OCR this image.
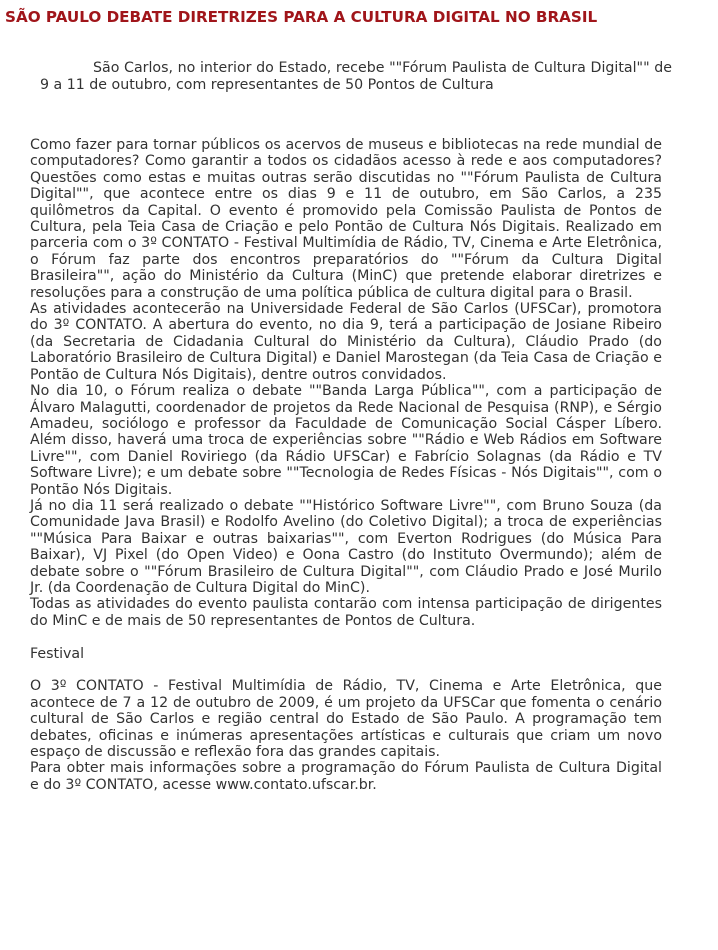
SÃO PAULO DEBATE DIRETRIZES PARA A CULTURA DIGITAL NO BRASIL

São Carlos, no interior do Estado, recebe ""Fórum Paulista de Cultura Digital"" de 9 a 11 de outubro, com representantes de 50 Pontos de Cultura

Como fazer para tornar públicos os acervos de museus e bibliotecas na rede mundial de computadores? Como garantir a todos os cidadãos acesso à rede e aos computadores? Questões como estas e muitas outras serão discutidas no ""Fórum Paulista de Cultura Digital"", que acontece entre os dias 9 e 11 de outubro, em São Carlos, a 235 quilômetros da Capital. O evento é promovido pela Comissão Paulista de Pontos de Cultura, pela Teia Casa de Criação e pelo Pontão de Cultura Nós Digitais. Realizado em parceria com o 3º CONTATO - Festival Multimídia de Rádio, TV, Cinema e Arte Eletrônica, o Fórum faz parte dos encontros preparatórios do ""Fórum da Cultura Digital Brasileira"", ação do Ministério da Cultura (MinC) que pretende elaborar diretrizes e resoluções para a construção de uma política pública de cultura digital para o Brasil.

As atividades acontecerão na Universidade Federal de São Carlos (UFSCar), promotora do 3º CONTATO. A abertura do evento, no dia 9, terá a participação de Josiane Ribeiro (da Secretaria de Cidadania Cultural do Ministério da Cultura), Cláudio Prado (do Laboratório Brasileiro de Cultura Digital) e Daniel Marostegan (da Teia Casa de Criação e Pontão de Cultura Nós Digitais), dentre outros convidados.

No dia 10, o Fórum realiza o debate ""Banda Larga Pública"", com a participação de Álvaro Malagutti, coordenador de projetos da Rede Nacional de Pesquisa (RNP), e Sérgio Amadeu, sociólogo e professor da Faculdade de Comunicação Social Cásper Líbero. Além disso, haverá uma troca de experiências sobre ""Rádio e Web Rádios em Software Livre"", com Daniel Roviriego (da Rádio UFSCar) e Fabrício Solagnas (da Rádio e TV Software Livre); e um debate sobre ""Tecnologia de Redes Físicas - Nós Digitais"", com o Pontão Nós Digitais.

Já no dia 11 será realizado o debate ""Histórico Software Livre"", com Bruno Souza (da Comunidade Java Brasil) e Rodolfo Avelino (do Coletivo Digital); a troca de experiências ""Música Para Baixar e outras baixarias"", com Everton Rodrigues (do Música Para Baixar), VJ Pixel (do Open Video) e Oona Castro (do Instituto Overmundo); além de debate sobre o ""Fórum Brasileiro de Cultura Digital"", com Cláudio Prado e José Murilo Jr. (da Coordenação de Cultura Digital do MinC).

Todas as atividades do evento paulista contarão com intensa participação de dirigentes do MinC e de mais de 50 representantes de Pontos de Cultura.

Festival

O 3º CONTATO - Festival Multimídia de Rádio, TV, Cinema e Arte Eletrônica, que acontece de 7 a 12 de outubro de 2009, é um projeto da UFSCar que fomenta o cenário cultural de São Carlos e região central do Estado de São Paulo. A programação tem debates, oficinas e inúmeras apresentações artísticas e culturais que criam um novo espaço de discussão e reflexão fora das grandes capitais.

Para obter mais informações sobre a programação do Fórum Paulista de Cultura Digital e do 3º CONTATO, acesse www.contato.ufscar.br.
